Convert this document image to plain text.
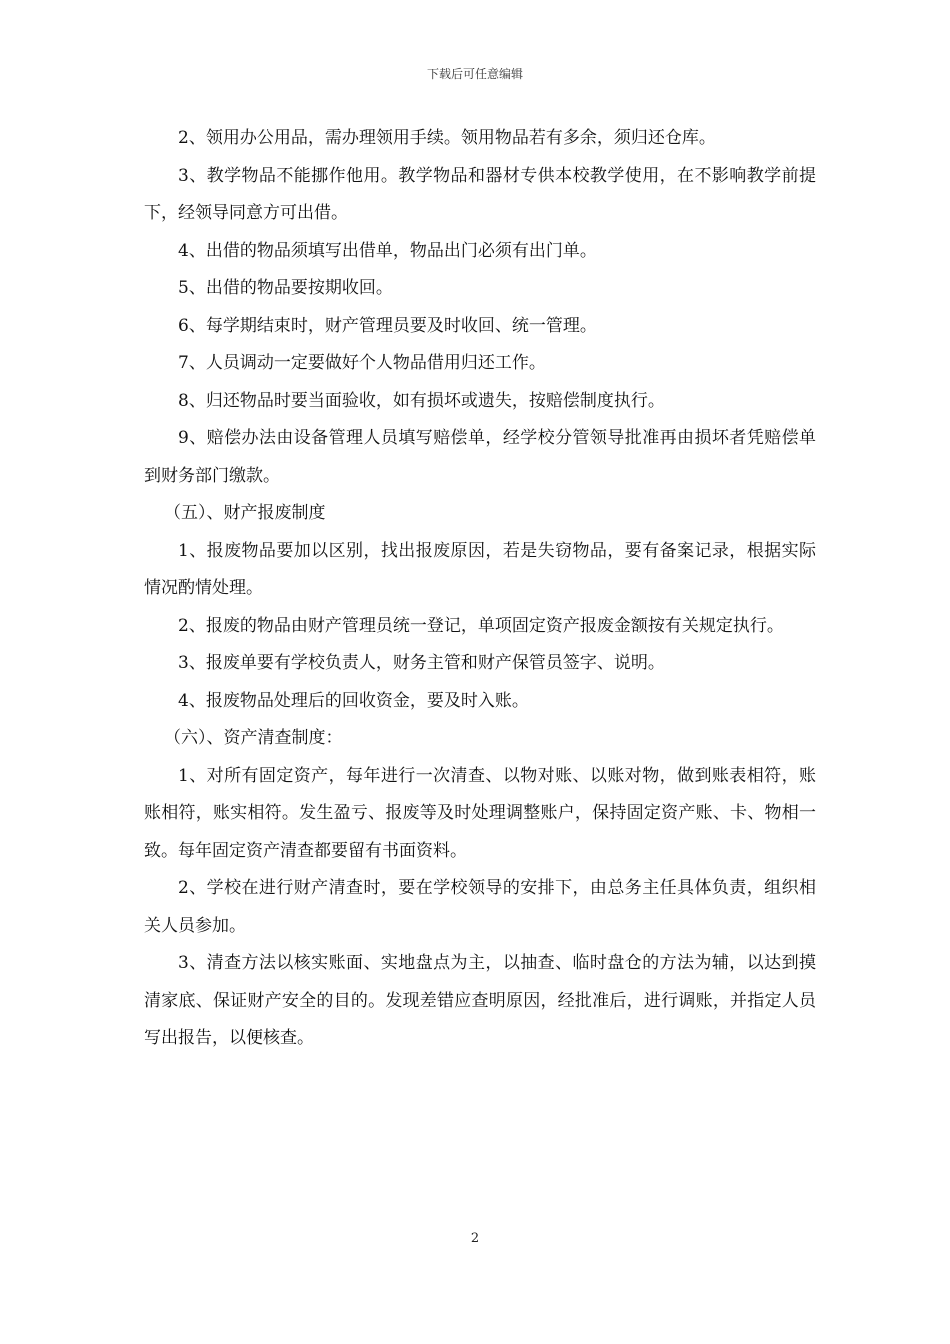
下载后可任意编辑

2、领用办公用品，需办理领用手续。领用物品若有多余，须归还仓库。

3、教学物品不能挪作他用。教学物品和器材专供本校教学使用，在不影响教学前提下，经领导同意方可出借。

4、出借的物品须填写出借单，物品出门必须有出门单。

5、出借的物品要按期收回。

6、每学期结束时，财产管理员要及时收回、统一管理。

7、人员调动一定要做好个人物品借用归还工作。

8、归还物品时要当面验收，如有损坏或遗失，按赔偿制度执行。

9、赔偿办法由设备管理人员填写赔偿单，经学校分管领导批准再由损坏者凭赔偿单到财务部门缴款。

（五）、财产报废制度

1、报废物品要加以区别，找出报废原因，若是失窃物品，要有备案记录，根据实际情况酌情处理。

2、报废的物品由财产管理员统一登记，单项固定资产报废金额按有关规定执行。

3、报废单要有学校负责人，财务主管和财产保管员签字、说明。

4、报废物品处理后的回收资金，要及时入账。

（六）、资产清查制度：

1、对所有固定资产，每年进行一次清查、以物对账、以账对物，做到账表相符，账账相符，账实相符。发生盈亏、报废等及时处理调整账户，保持固定资产账、卡、物相一致。每年固定资产清查都要留有书面资料。

2、学校在进行财产清查时，要在学校领导的安排下，由总务主任具体负责，组织相关人员参加。

3、清查方法以核实账面、实地盘点为主，以抽查、临时盘仓的方法为辅，以达到摸清家底、保证财产安全的目的。发现差错应查明原因，经批准后，进行调账，并指定人员写出报告，以便核查。

2
